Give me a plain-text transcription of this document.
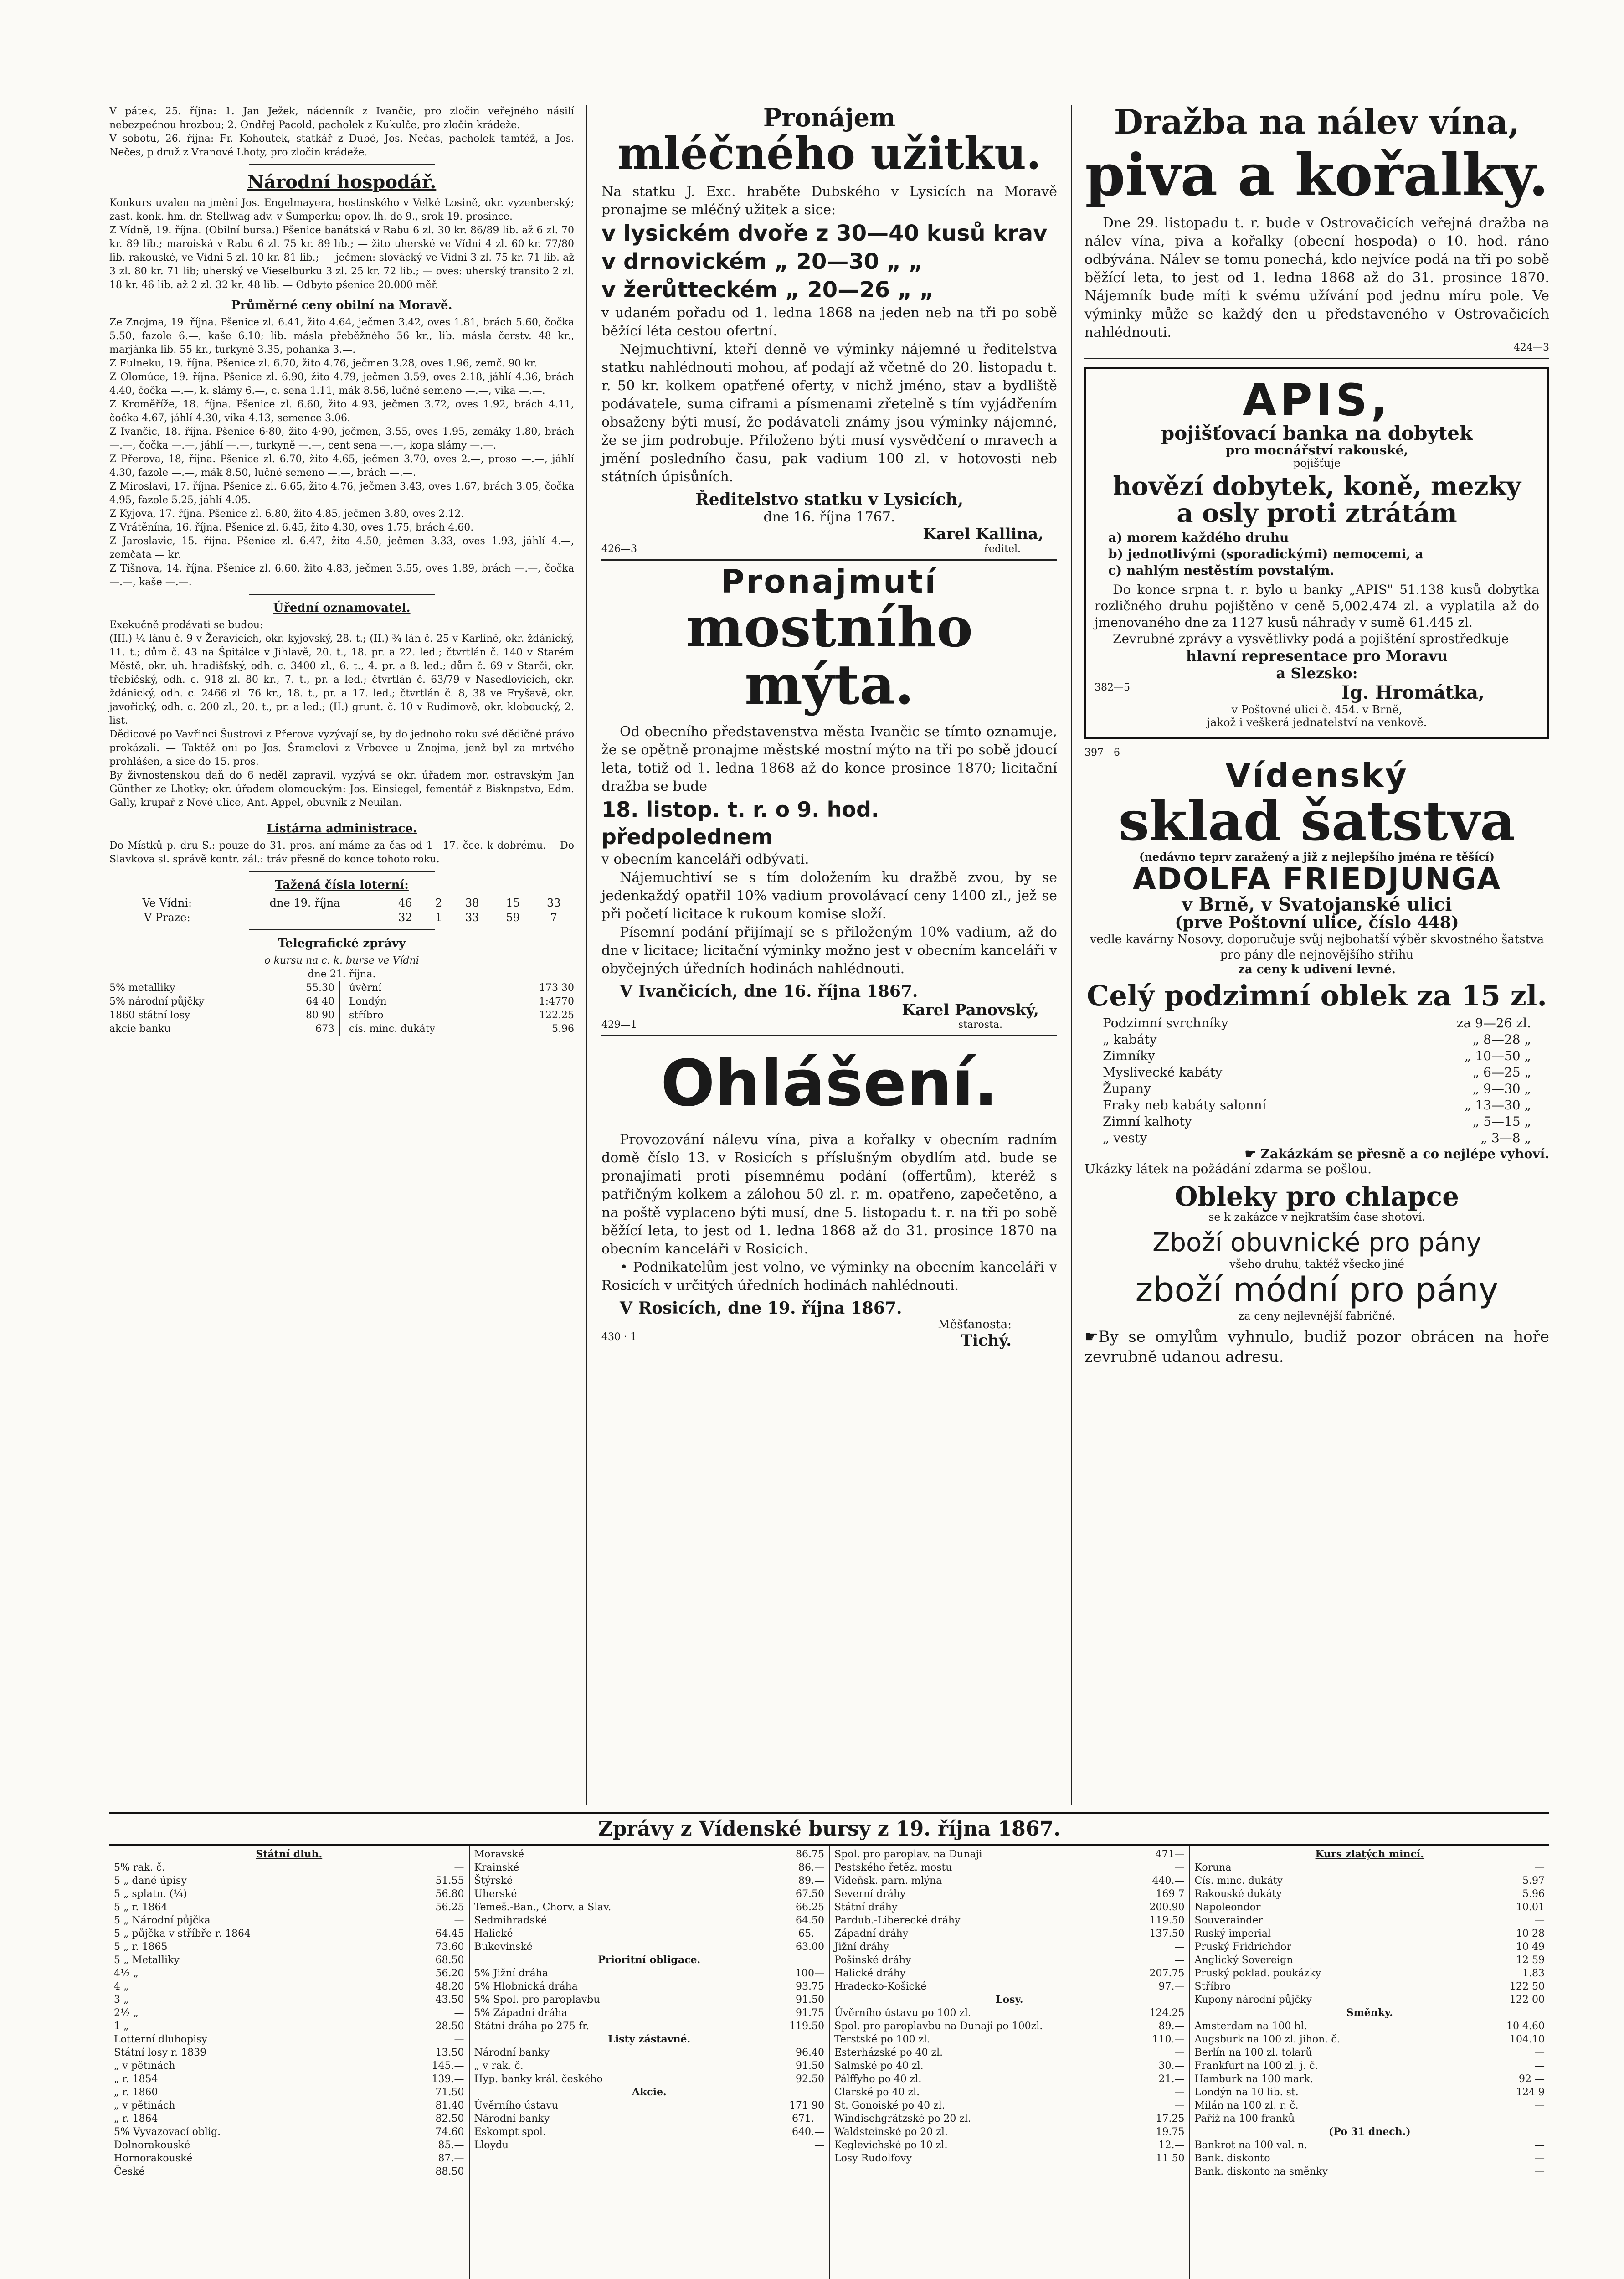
V pátek, 25. října: 1. Jan Ježek, nádenník z Ivančic, pro zločin veřejného násilí nebezpečnou hrozbou; 2. Ondřej Pacold, pacholek z Kukulče, pro zločin krádeže.

V sobotu, 26. října: Fr. Kohoutek, statkář z Dubé, Jos. Nečas, pacholek tamtéž, a Jos. Nečes, p druž z Vranové Lhoty, pro zločin krádeže.

Národní hospodář.

Konkurs uvalen na jmění Jos. Engelmayera, hostinského v Velké Losině, okr. vyzenberský; zast. konk. hm. dr. Stellwag adv. v Šumperku; opov. lh. do 9., srok 19. prosince.

Z Vídně, 19. října. (Obilní bursa.) Pšenice banátská v Rabu 6 zl. 30 kr. 86/89 lib. až 6 zl. 70 kr. 89 lib.; maroiská v Rabu 6 zl. 75 kr. 89 lib.; — žito uherské ve Vídni 4 zl. 60 kr. 77/80 lib. rakouské, ve Vídni 5 zl. 10 kr. 81 lib.; — ječmen: slovácký ve Vídni 3 zl. 75 kr. 71 lib. až 3 zl. 80 kr. 71 lib; uherský ve Vieselburku 3 zl. 25 kr. 72 lib.; — oves: uherský transito 2 zl. 18 kr. 46 lib. až 2 zl. 32 kr. 48 lib. — Odbyto pšenice 20.000 měř.

Průměrné ceny obilní na Moravě.

Ze Znojma, 19. října. Pšenice zl. 6.41, žito 4.64, ječmen 3.42, oves 1.81, brách 5.60, čočka 5.50, fazole 6.—, kaše 6.10; lib. másla přeběžného 56 kr., lib. másla čerstv. 48 kr., marjánka lib. 55 kr., turkyně 3.35, pohanka 3.—.

Z Fulneku, 19. října. Pšenice zl. 6.70, žito 4.76, ječmen 3.28, oves 1.96, zemč. 90 kr.

Z Olomúce, 19. října. Pšenice zl. 6.90, žito 4.79, ječmen 3.59, oves 2.18, jáhlí 4.36, brách 4.40, čočka —.—, k. slámy 6.—, c. sena 1.11, mák 8.56, lučné semeno —.—, vika —.—.

Z Kroměříže, 18. října. Pšenice zl. 6.60, žito 4.93, ječmen 3.72, oves 1.92, brách 4.11, čočka 4.67, jáhlí 4.30, vika 4.13, semence 3.06.

Z Ivančic, 18. října. Pšenice 6·80, žito 4·90, ječmen, 3.55, oves 1.95, zemáky 1.80, brách —.—, čočka —.—, jáhlí —.—, turkyně —.—, cent sena —.—, kopa slámy —.—.

Z Přerova, 18, října. Pšenice zl. 6.70, žito 4.65, ječmen 3.70, oves 2.—, proso —.—, jáhlí 4.30, fazole —.—, mák 8.50, lučné semeno —.—, brách —.—.

Z Miroslavi, 17. října. Pšenice zl. 6.65, žito 4.76, ječmen 3.43, oves 1.67, brách 3.05, čočka 4.95, fazole 5.25, jáhlí 4.05.

Z Kyjova, 17. října. Pšenice zl. 6.80, žito 4.85, ječmen 3.80, oves 2.12.

Z Vrátěnína, 16. října. Pšenice zl. 6.45, žito 4.30, oves 1.75, brách 4.60.

Z Jaroslavic, 15. října. Pšenice zl. 6.47, žito 4.50, ječmen 3.33, oves 1.93, jáhlí 4.—, zemčata — kr.

Z Tišnova, 14. října. Pšenice zl. 6.60, žito 4.83, ječmen 3.55, oves 1.89, brách —.—, čočka —.—, kaše —.—.

Úřední oznamovatel.

Exekučně prodávati se budou:

(III.) ¼ lánu č. 9 v Žeravicích, okr. kyjovský, 28. t.; (II.) ¾ lán č. 25 v Karlíně, okr. ždánický, 11. t.; dům č. 43 na Špitálce v Jihlavě, 20. t., 18. pr. a 22. led.; čtvrtlán č. 140 v Starém Městě, okr. uh. hradišťský, odh. c. 3400 zl., 6. t., 4. pr. a 8. led.; dům č. 69 v Starči, okr. třebíčský, odh. c. 918 zl. 80 kr., 7. t., pr. a led.; čtvrtlán č. 63/79 v Nasedlovicích, okr. ždánický, odh. c. 2466 zl. 76 kr., 18. t., pr. a 17. led.; čtvrtlán č. 8, 38 ve Fryšavě, okr. javořický, odh. c. 200 zl., 20. t., pr. a led.; (II.) grunt. č. 10 v Rudimově, okr. kloboucký, 2. list.

Dědicové po Vavřinci Šustrovi z Přerova vyzývají se, by do jednoho roku své dědičné právo prokázali. — Taktéž oni po Jos. Šramclovi z Vrbovce u Znojma, jenž byl za mrtvého prohlášen, a sice do 15. pros.

By živnostenskou daň do 6 neděl zapravil, vyzývá se okr. úřadem mor. ostravským Jan Günther ze Lhotky; okr. úřadem olomouckým: Jos. Einsiegel, fementář z Bisknpstva, Edm. Gally, krupař z Nové ulice, Ant. Appel, obuvník z Neuilan.

Listárna administrace.

Do Místků p. dru S.: pouze do 31. pros. aní máme za čas od 1—17. čce. k dobrému.— Do Slavkova sl. správě kontr. zál.: tráv přesně do konce tohoto roku.

Tažená čísla loterní:
Ve Vídni:	dne 19. října	46	2	38	15	33
V Praze:		32	1	33	59	7
Telegrafické zprávy
o kursu na c. k. burse ve Vídni
dne 21. října.
5% metalliky	55.30
5% národní půjčky	64 40
1860 státní losy	80 90
akcie banku	673
úvěrní	173 30
Londýn	1:4770
stříbro	122.25
cís. minc. dukáty	5.96
Pronájem
mléčného užitku.

Na statku J. Exc. hraběte Dubského v Lysicích na Moravě pronajme se mléčný užitek a sice:

v lysickém dvoře z 30—40 kusů krav

v drnovickém „ 20—30 „ „

v žerůtteckém „ 20—26 „ „

v udaném pořadu od 1. ledna 1868 na jeden neb na tři po sobě běžící léta cestou ofertní.

Nejmuchtivní, kteří denně ve výminky nájemné u ředitelstva statku nahlédnouti mohou, ať podají až včetně do 20. listopadu t. r. 50 kr. kolkem opatřené oferty, v nichž jméno, stav a bydliště podávatele, suma ciframi a písmenami zřetelně s tím vyjádřením obsaženy býti musí, že podávateli známy jsou výminky nájemné, že se jim podrobuje. Přiloženo býti musí vysvědčení o mravech a jmění posledního času, pak vadium 100 zl. v hotovosti neb státních úpisůních.

Ředitelstvo statku v Lysicích,
dne 16. října 1767.
Karel Kallina,
426—3	ředitel.
Pronajmutí
mostního mýta.

Od obecního představenstva města Ivančic se tímto oznamuje, že se opětně pronajme městské mostní mýto na tři po sobě jdoucí leta, totiž od 1. ledna 1868 až do konce prosince 1870; licitační dražba se bude

18. listop. t. r. o 9. hod. předpolednem

v obecním kanceláři odbývati.

Nájemuchtiví se s tím doložením ku dražbě zvou, by se jedenkaždý opatřil 10% vadium provolávací ceny 1400 zl., jež se při početí licitace k rukoum komise složí.

Písemní podání přijímají se s přiloženým 10% vadium, až do dne v licitace; licitační výminky možno jest v obecním kanceláři v obyčejných úředních hodinách nahlédnouti.

V Ivančicích, dne 16. října 1867.
Karel Panovský,
429—1	starosta.
Ohlášení.

Provozování nálevu vína, piva a kořalky v obecním radním domě číslo 13. v Rosicích s příslušným obydlím atd. bude se pronajímati proti písemnému podání (offertům), kteréž s patřičným kolkem a zálohou 50 zl. r. m. opatřeno, zapečetěno, a na poště vyplaceno býti musí, dne 5. listopadu t. r. na tři po sobě běžící leta, to jest od 1. ledna 1868 až do 31. prosince 1870 na obecním kanceláři v Rosicích.

• Podnikatelům jest volno, ve výminky na obecním kanceláři v Rosicích v určitých úředních hodinách nahlédnouti.

V Rosicích, dne 19. října 1867.
Měšťanosta:
430 · 1	Tichý.
Dražba na nálev vína,
piva a kořalky.

Dne 29. listopadu t. r. bude v Ostrovačicích veřejná dražba na nálev vína, piva a kořalky (obecní hospoda) o 10. hod. ráno odbývána. Nálev se tomu ponechá, kdo nejvíce podá na tři po sobě běžící leta, to jest od 1. ledna 1868 až do 31. prosince 1870. Nájemník bude míti k svému užívání pod jednu míru pole. Ve výminky může se každý den u představeného v Ostrovačicích nahlédnouti.

424—3
APIS,
pojišťovací banka na dobytek
pro mocnářství rakouské,
pojišťuje
hovězí dobytek, koně, mezky
a osly proti ztrátám
a) morem každého druhu
b) jednotlivými (sporadickými) nemocemi, a
c) nahlým nestěstím povstalým.

Do konce srpna t. r. bylo u banky „APIS" 51.138 kusů dobytka rozličného druhu pojištěno v ceně 5,002.474 zl. a vyplatila až do jmenovaného dne za 1127 kusů náhrady v sumě 61.445 zl.

Zevrubné zprávy a vysvětlivky podá a pojištění sprostředkuje

hlavní representace pro Moravu
a Slezsko:
382—5	Ig. Hromátka,
v Poštovné ulici č. 454. v Brně,
jakož i veškerá jednatelství na venkově.
397—6
Vídenský
sklad šatstva
(nedávno teprv zaražený a již z nejlepšího jména re těšící)
ADOLFA FRIEDJUNGA
v Brně, v Svatojanské ulici
(prve Poštovní ulice, číslo 448)

vedle kavárny Nosovy, doporučuje svůj nejbohatší výběr skvostného šatstva pro pány dle nejnovějšího střihu

za ceny k udivení levné.
Celý podzimní oblek za 15 zl.
Podzimní svrchníky	za 9—26 zl.
„ kabáty	„ 8—28 „
Zimníky	„ 10—50 „
Myslivecké kabáty	„ 6—25 „
Župany	„ 9—30 „
Fraky neb kabáty salonní	„ 13—30 „
Zimní kalhoty	„ 5—15 „
„ vesty	„ 3—8 „
☛ Zakázkám se přesně a co nejlépe vyhoví.
Ukázky látek na požádání zdarma se pošlou.
Obleky pro chlapce
se k zakázce v nejkratším čase shotoví.
Zboží obuvnické pro pány
všeho druhu, taktéž všecko jiné
zboží módní pro pány
za ceny nejlevnější fabričné.

☛By se omylům vyhnulo, budiž pozor obrácen na hoře zevrubně udanou adresu.

Zprávy z Vídenské bursy z 19. října 1867.
Státní dluh.
5% rak. č.	—
5 „ dané úpisy	51.55
5 „ splatn. (¼)	56.80
5 „ r. 1864	56.25
5 „ Národní půjčka	—
5 „ půjčka v stříbře r. 1864	64.45
5 „ r. 1865	73.60
5 „ Metalliky	68.50
4½ „	56.20
4 „	48.20
3 „	43.50
2½ „	—
1 „	28.50
Lotterní dluhopisy	—
Státní losy r. 1839	13.50
„ v pětinách	145.—
„ r. 1854	139.—
„ r. 1860	71.50
„ v pětinách	81.40
„ r. 1864	82.50
5% Vyvazovací oblig.	74.60
Dolnorakouské	85.—
Hornorakouské	87.—
České	88.50
Moravské	86.75
Krainské	86.—
Štýrské	89.—
Uherské	67.50
Temeš.-Ban., Chorv. a Slav.	66.25
Sedmihradské	64.50
Halické	65.—
Bukovinské	63.00
Prioritní obligace.
5% Jižní dráha	100—
5% Hlobnická dráha	93.75
5% Spol. pro paroplavbu	91.50
5% Západní dráha	91.75
Státní dráha po 275 fr.	119.50
Listy zástavné.
Národní banky	96.40
„ v rak. č.	91.50
Hyp. banky král. českého	92.50
Akcie.
Úvěrního ústavu	171 90
Národní banky	671.—
Eskompt spol.	640.—
Lloydu	—
Spol. pro paroplav. na Dunaji	471—
Pestského řetěz. mostu	—
Vídeňsk. parn. mlýna	440.—
Severní dráhy	169 7
Státní dráhy	200.90
Pardub.-Liberecké dráhy	119.50
Západní dráhy	137.50
Jižní dráhy	—
Pošinské dráhy	—
Halické dráhy	207.75
Hradecko-Košické	97.—
Losy.
Úvěrního ústavu po 100 zl.	124.25
Spol. pro paroplavbu na Dunaji po 100zl.	89.—
Terstské po 100 zl.	110.—
Esterházské po 40 zl.	—
Salmské po 40 zl.	30.—
Pálffyho po 40 zl.	21.—
Clarské po 40 zl.	—
St. Gonoiské po 40 zl.	—
Windischgrätzské po 20 zl.	17.25
Waldsteinské po 20 zl.	19.75
Keglevichské po 10 zl.	12.—
Losy Rudolfovy	11 50
Kurs zlatých mincí.
Koruna	—
Cís. minc. dukáty	5.97
Rakouské dukáty	5.96
Napoleondor	10.01
Souverainder	—
Ruský imperial	10 28
Pruský Fridrichdor	10 49
Anglický Sovereign	12 59
Pruský poklad. poukázky	1.83
Stříbro	122 50
Kupony národní půjčky	122 00
Směnky.
Amsterdam na 100 hl.	10 4.60
Augsburk na 100 zl. jihon. č.	104.10
Berlín na 100 zl. tolarů	—
Frankfurt na 100 zl. j. č.	—
Hamburk na 100 mark.	92 —
Londýn na 10 lib. st.	124 9
Milán na 100 zl. r. č.	—
Paříž na 100 franků	—
(Po 31 dnech.)
Bankrot na 100 val. n.	—
Bank. diskonto	—
Bank. diskonto na směnky	—
